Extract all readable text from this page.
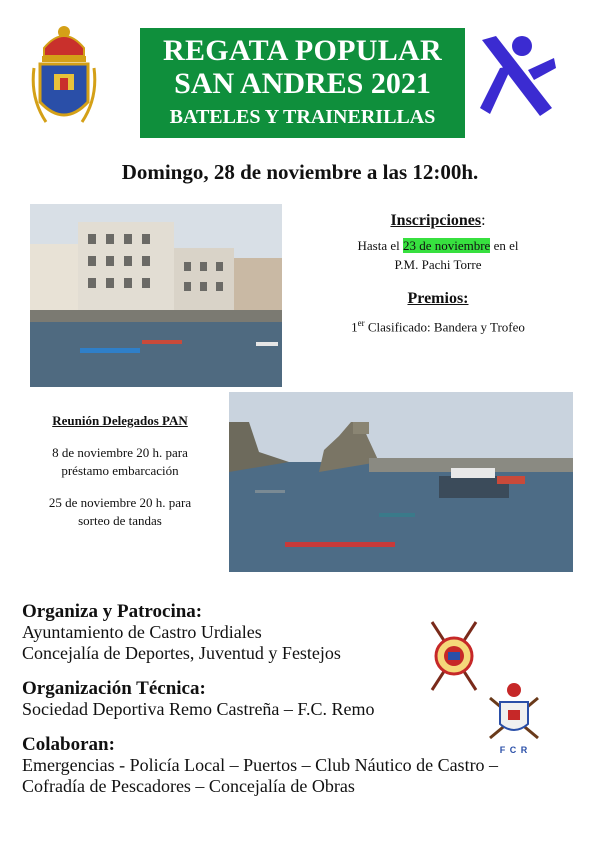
REGATA POPULAR
SAN ANDRES 2021
BATELES Y TRAINERILLAS
Domingo, 28 de noviembre a las 12:00h.
Inscripciones:
Hasta el 23 de noviembre en el
P.M. Pachi Torre
Premios:
1er Clasificado: Bandera y Trofeo

Reunión Delegados PAN

8 de noviembre 20 h. para

préstamo embarcación

25 de noviembre 20 h. para

sorteo de tandas

Organiza y Patrocina:
Ayuntamiento de Castro Urdiales
Concejalía de Deportes, Juventud y Festejos
Organización Técnica:
Sociedad Deportiva Remo Castreña – F.C. Remo
Colaboran:
Emergencias - Policía Local – Puertos – Club Náutico de Castro –
Cofradía de Pescadores – Concejalía de Obras
F C R
